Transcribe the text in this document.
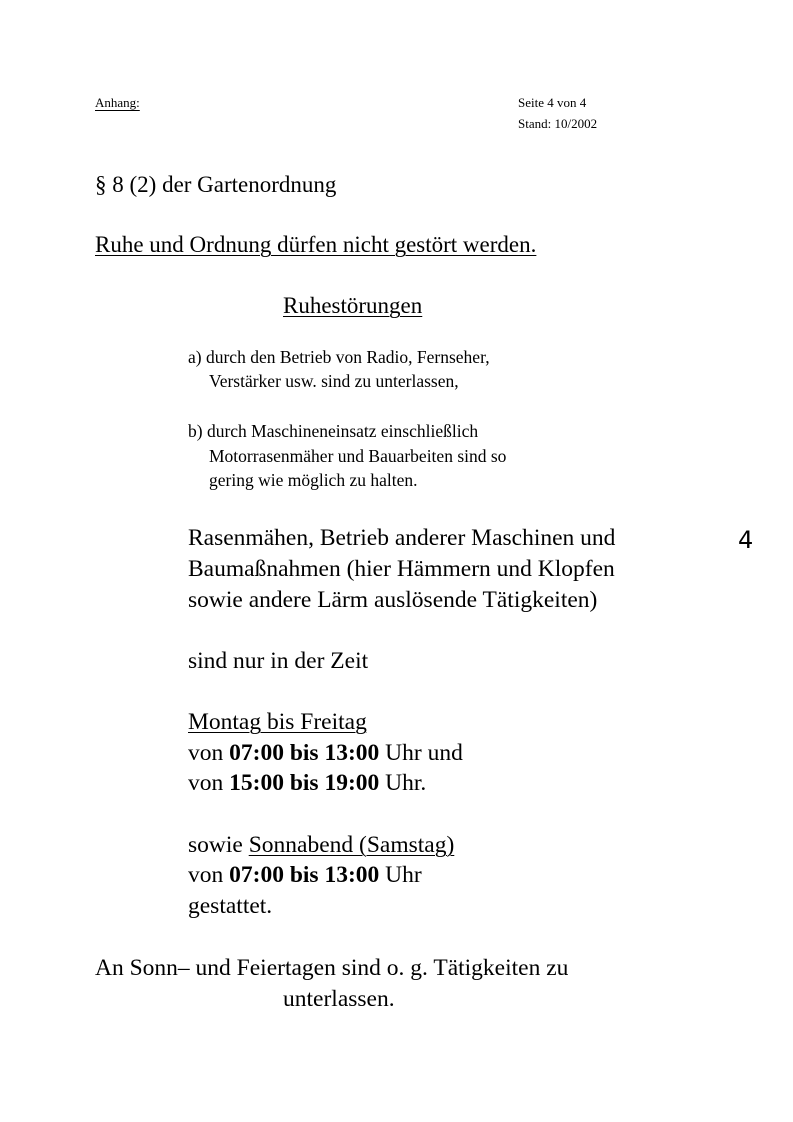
Anhang:	Seite 4 von 4
Stand: 10/2002
§ 8 (2) der Gartenordnung
Ruhe und Ordnung dürfen nicht gestört werden.
Ruhestörungen
a) durch den Betrieb von Radio, Fernseher,
Verstärker usw. sind zu unterlassen,
b) durch Maschineneinsatz einschließlich
Motorrasenmäher und Bauarbeiten sind so
gering wie möglich zu halten.
4
Rasenmähen, Betrieb anderer Maschinen und
Baumaßnahmen (hier Hämmern und Klopfen
sowie andere Lärm auslösende Tätigkeiten)
sind nur in der Zeit
Montag bis Freitag
von 07:00 bis 13:00 Uhr und
von 15:00 bis 19:00 Uhr.
sowie Sonnabend (Samstag)
von 07:00 bis 13:00 Uhr
gestattet.
An Sonn– und Feiertagen sind o. g. Tätigkeiten zu
unterlassen.
